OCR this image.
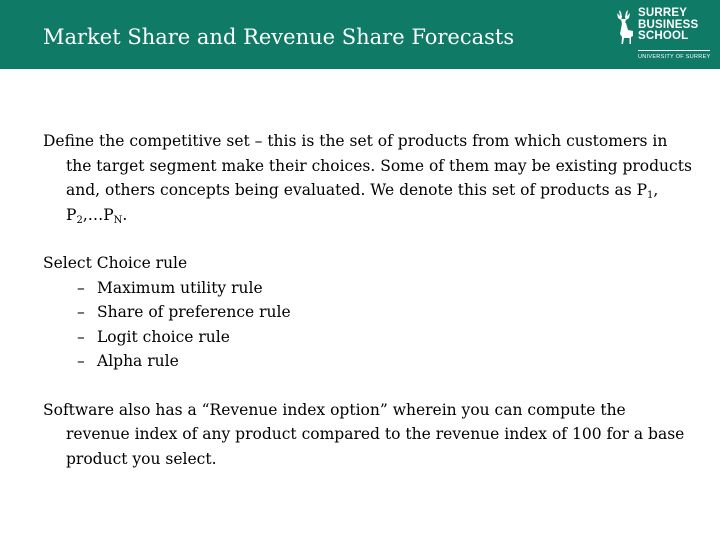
Market Share and Revenue Share Forecasts
SURREY
BUSINESS
SCHOOL
UNIVERSITY OF SURREY

Define the competitive set – this is the set of products from which customers in the target segment make their choices. Some of them may be existing products and, others concepts being evaluated. We denote this set of products as $P_1$, $P_2,\dots P_N$.

Select Choice rule

– Maximum utility rule
– Share of preference rule
– Logit choice rule
– Alpha rule

Software also has a “Revenue index option” wherein you can compute the revenue index of any product compared to the revenue index of 100 for a base product you select.
